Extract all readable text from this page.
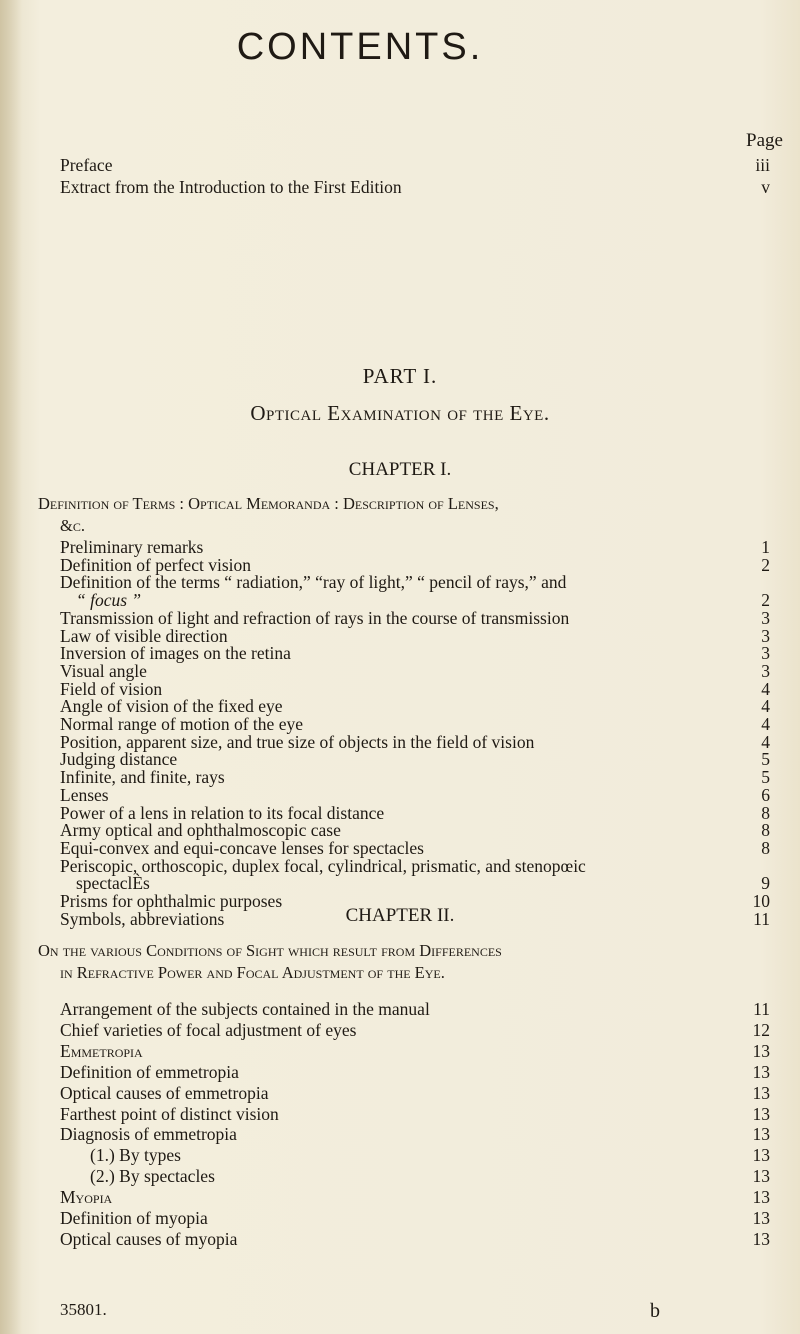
CONTENTS.
Page
Preface	iii
Extract from the Introduction to the First Edition	v
PART I.
Optical Examination of the Eye.
CHAPTER I.
Definition of Terms : Optical Memoranda : Description of Lenses,
&c.
Preliminary remarks	1
Definition of perfect vision	2
Definition of the terms “ radiation,” “ray of light,” “ pencil of rays,” and
“ focus ”	2
Transmission of light and refraction of rays in the course of transmission	3
Law of visible direction	3
Inversion of images on the retina	3
Visual angle	3
Field of vision	4
Angle of vision of the fixed eye	4
Normal range of motion of the eye	4
Position, apparent size, and true size of objects in the field of vision	4
Judging distance	5
Infinite, and finite, rays	5
Lenses	6
Power of a lens in relation to its focal distance	8
Army optical and ophthalmoscopic case	8
Equi-convex and equi-concave lenses for spectacles	8
Periscopic, orthoscopic, duplex focal, cylindrical, prismatic, and stenopœic
spectaclЀs	9
Prisms for ophthalmic purposes	10
Symbols, abbreviations	11
CHAPTER II.
On the various Conditions of Sight which result from Differences
in Refractive Power and Focal Adjustment of the Eye.
Arrangement of the subjects contained in the manual	11
Chief varieties of focal adjustment of eyes	12
Emmetropia	13
Definition of emmetropia	13
Optical causes of emmetropia	13
Farthest point of distinct vision	13
Diagnosis of emmetropia	13
(1.) By types	13
(2.) By spectacles	13
Myopia	13
Definition of myopia	13
Optical causes of myopia	13
35801.	b
